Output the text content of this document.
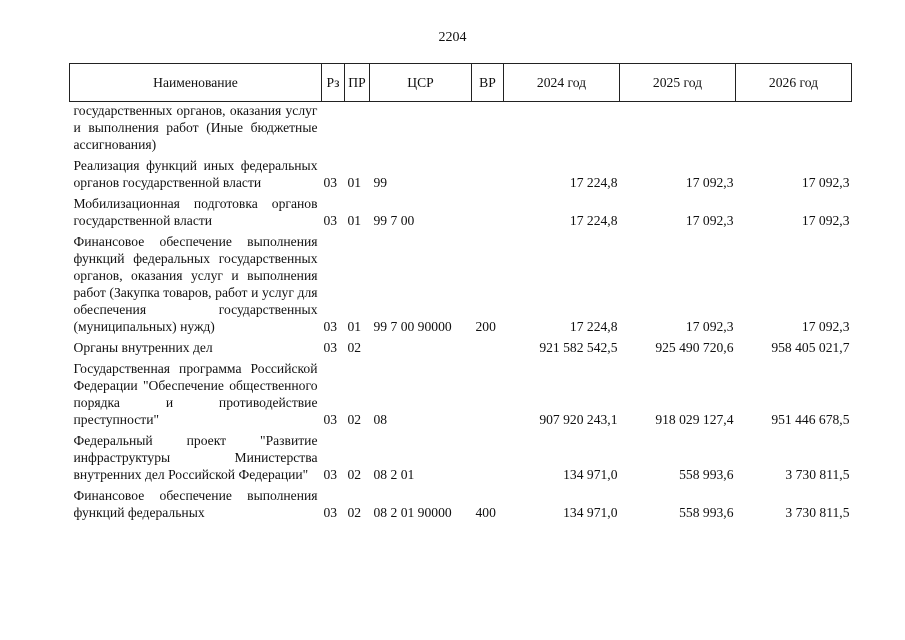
2204
Наименование	Рз	ПР	ЦСР	ВР	2024 год	2025 год	2026 год
государственных органов, оказания услуг и выполнения работ (Иные бюджетные ассигнования)							
Реализация функций иных федеральных органов государственной власти	03	01	99		17 224,8	17 092,3	17 092,3
Мобилизационная подготовка органов государственной власти	03	01	99 7 00		17 224,8	17 092,3	17 092,3
Финансовое обеспечение выполнения функций федеральных государственных органов, оказания услуг и выполнения работ (Закупка товаров, работ и услуг для обеспечения государственных (муниципальных) нужд)	03	01	99 7 00 90000	200	17 224,8	17 092,3	17 092,3
Органы внутренних дел	03	02			921 582 542,5	925 490 720,6	958 405 021,7
Государственная программа Российской Федерации "Обеспечение общественного порядка и противодействие преступности"	03	02	08		907 920 243,1	918 029 127,4	951 446 678,5
Федеральный проект "Развитие инфраструктуры Министерства внутренних дел Российской Федерации"	03	02	08 2 01		134 971,0	558 993,6	3 730 811,5
Финансовое обеспечение выполнения функций федеральных	03	02	08 2 01 90000	400	134 971,0	558 993,6	3 730 811,5
